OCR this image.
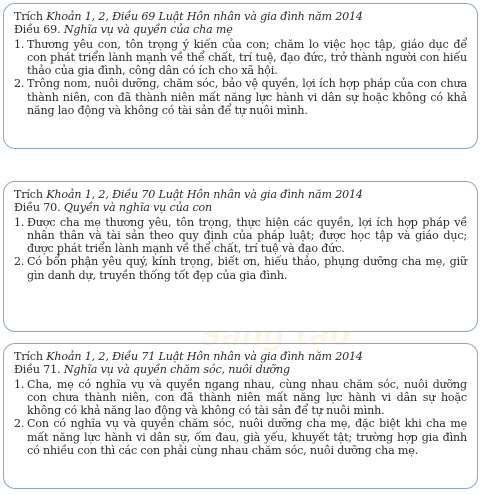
Sáng tạo
Trích Khoản 1, 2, Điều 69 Luật Hôn nhân và gia đình năm 2014
Điều 69. Nghĩa vụ và quyền của cha mẹ
1. Thương yêu con, tôn trọng ý kiến của con; chăm lo việc học tập, giáo dục để con phát triển lành mạnh về thể chất, trí tuệ, đạo đức, trở thành người con hiếu thảo của gia đình, công dân có ích cho xã hội.
2. Trông nom, nuôi dưỡng, chăm sóc, bảo vệ quyền, lợi ích hợp pháp của con chưa thành niên, con đã thành niên mất năng lực hành vi dân sự hoặc không có khả năng lao động và không có tài sản để tự nuôi mình.
Trích Khoản 1, 2, Điều 70 Luật Hôn nhân và gia đình năm 2014
Điều 70. Quyền và nghĩa vụ của con
1. Được cha mẹ thương yêu, tôn trọng, thực hiện các quyền, lợi ích hợp pháp về nhân thân và tài sản theo quy định của pháp luật; được học tập và giáo dục; được phát triển lành mạnh về thể chất, trí tuệ và đạo đức.
2. Có bổn phận yêu quý, kính trọng, biết ơn, hiếu thảo, phụng dưỡng cha mẹ, giữ gìn danh dự, truyền thống tốt đẹp của gia đình.
Trích Khoản 1, 2, Điều 71 Luật Hôn nhân và gia đình năm 2014
Điều 71. Nghĩa vụ và quyền chăm sóc, nuôi dưỡng
1. Cha, mẹ có nghĩa vụ và quyền ngang nhau, cùng nhau chăm sóc, nuôi dưỡng con chưa thành niên, con đã thành niên mất năng lực hành vi dân sự hoặc không có khả năng lao động và không có tài sản để tự nuôi mình.
2. Con có nghĩa vụ và quyền chăm sóc, nuôi dưỡng cha mẹ, đặc biệt khi cha mẹ mất năng lực hành vi dân sự, ốm đau, già yếu, khuyết tật; trường hợp gia đình có nhiều con thì các con phải cùng nhau chăm sóc, nuôi dưỡng cha mẹ.
